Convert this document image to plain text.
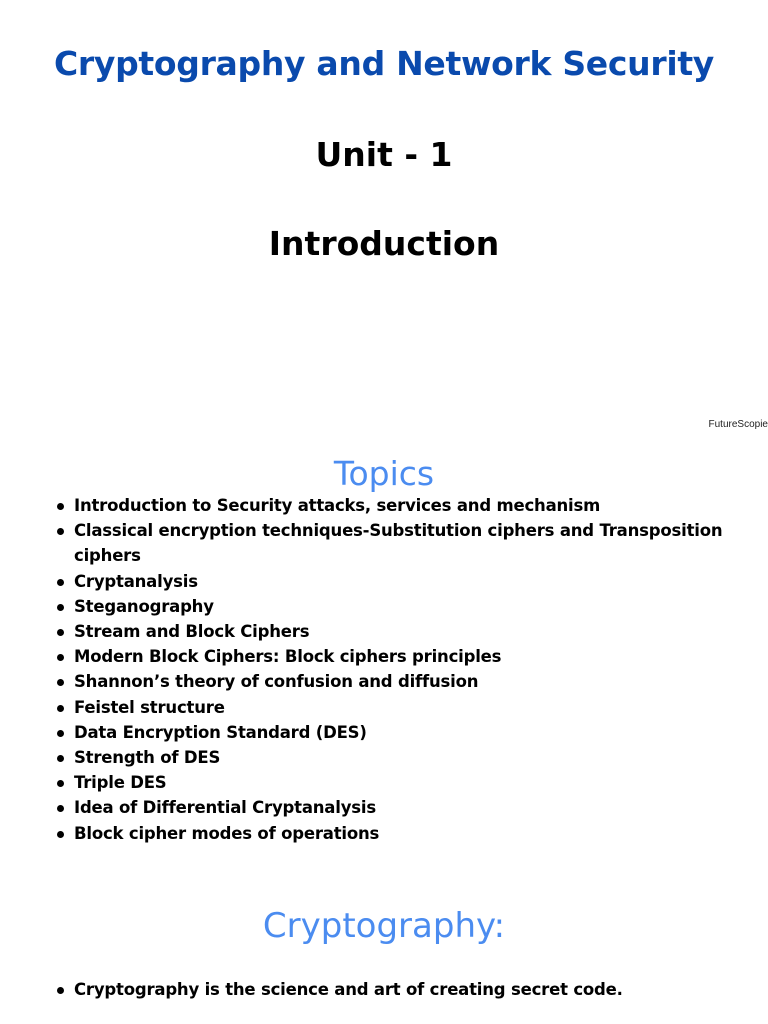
Cryptography and Network Security
Unit - 1
Introduction
FutureScopie
Topics
Introduction to Security attacks, services and mechanism
Classical encryption techniques-Substitution ciphers and Transposition ciphers
Cryptanalysis
Steganography
Stream and Block Ciphers
Modern Block Ciphers: Block ciphers principles
Shannon’s theory of confusion and diffusion
Feistel structure
Data Encryption Standard (DES)
Strength of DES
Triple DES
Idea of Differential Cryptanalysis
Block cipher modes of operations
Cryptography:
Cryptography is the science and art of creating secret code.
